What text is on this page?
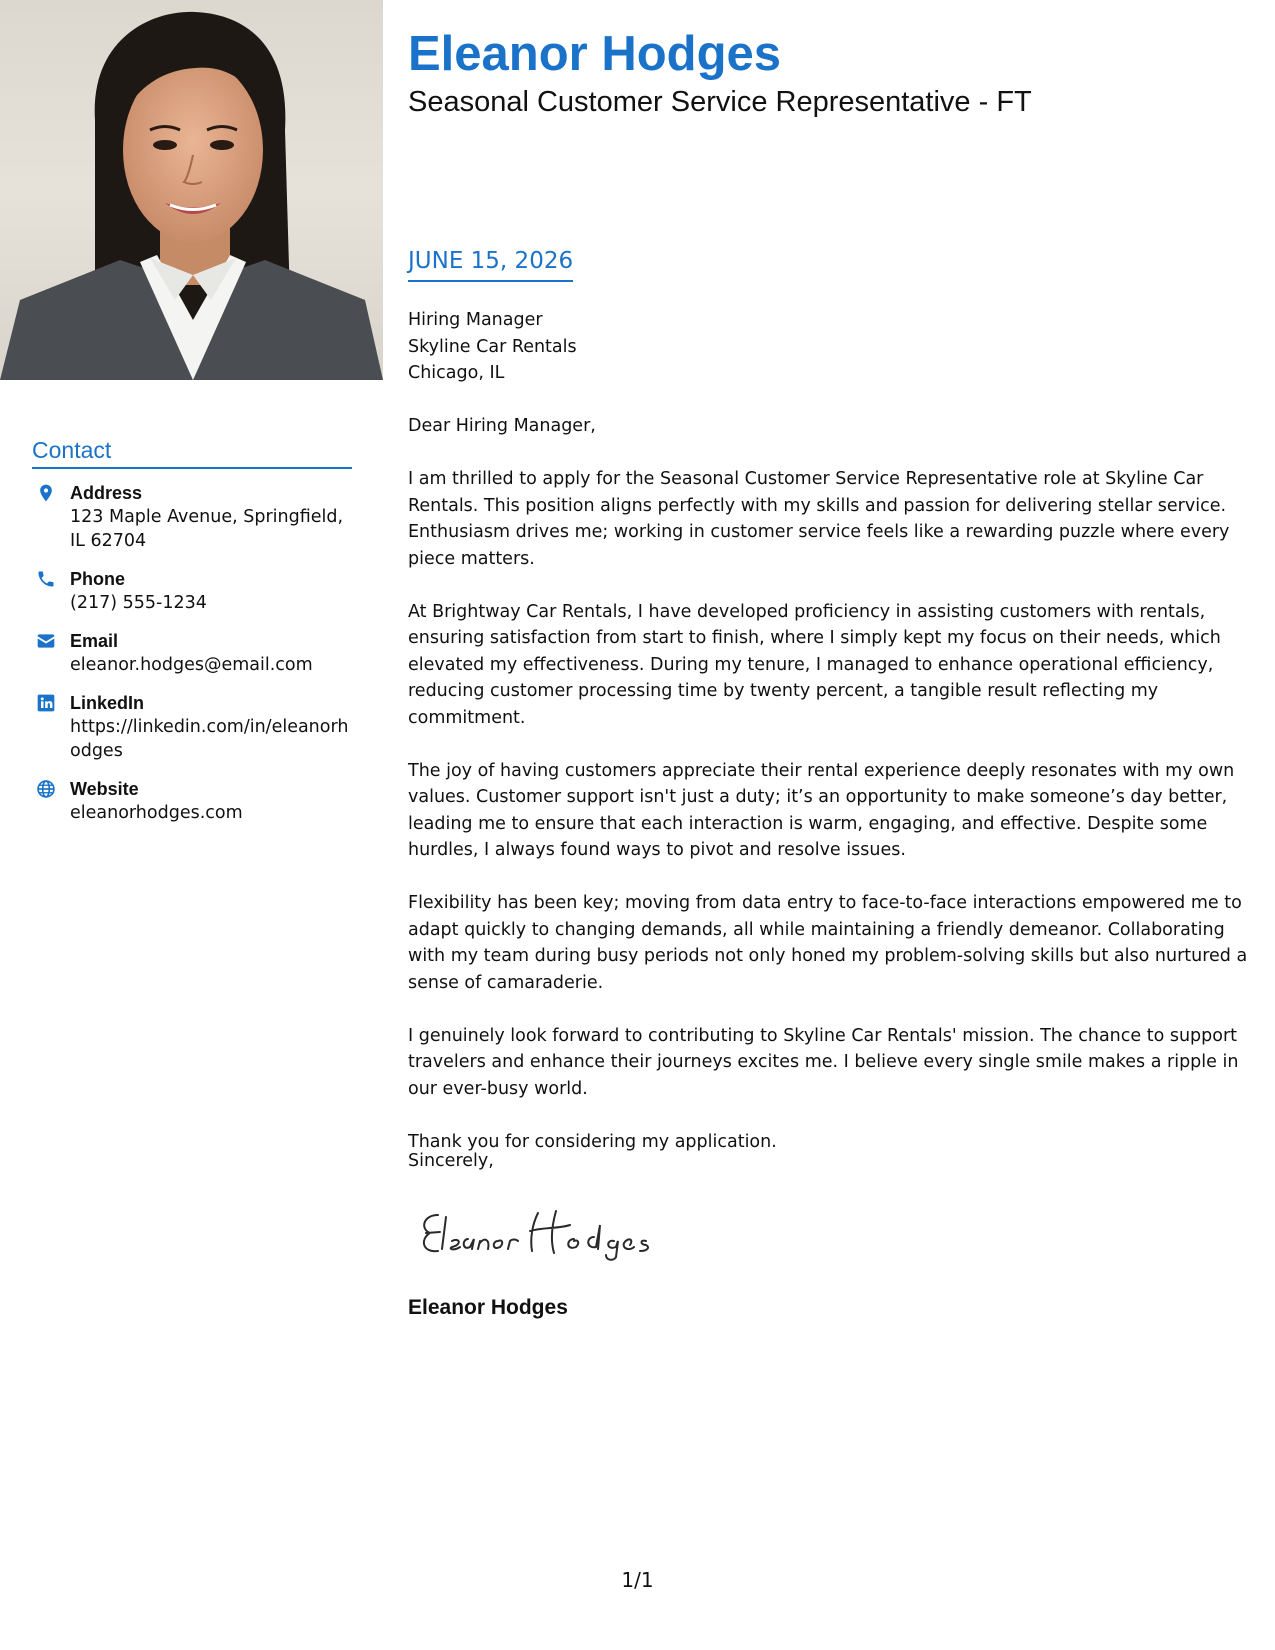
Contact
Address
123 Maple Avenue, Springfield, IL 62704
Phone
(217) 555-1234
Email
eleanor.hodges@email.com
LinkedIn
https://linkedin.com/in/eleanorhodges
Website
eleanorhodges.com
Eleanor Hodges
Seasonal Customer Service Representative - FT
JUNE 15, 2026

Hiring Manager
Skyline Car Rentals
Chicago, IL

Dear Hiring Manager,

I am thrilled to apply for the Seasonal Customer Service Representative role at Skyline Car Rentals. This position aligns perfectly with my skills and passion for delivering stellar service. Enthusiasm drives me; working in customer service feels like a rewarding puzzle where every piece matters.

At Brightway Car Rentals, I have developed proficiency in assisting customers with rentals, ensuring satisfaction from start to finish, where I simply kept my focus on their needs, which elevated my effectiveness. During my tenure, I managed to enhance operational efficiency, reducing customer processing time by twenty percent, a tangible result reflecting my commitment.

The joy of having customers appreciate their rental experience deeply resonates with my own values. Customer support isn't just a duty; it’s an opportunity to make someone’s day better, leading me to ensure that each interaction is warm, engaging, and effective. Despite some hurdles, I always found ways to pivot and resolve issues.

Flexibility has been key; moving from data entry to face-to-face interactions empowered me to adapt quickly to changing demands, all while maintaining a friendly demeanor. Collaborating with my team during busy periods not only honed my problem-solving skills but also nurtured a sense of camaraderie.

I genuinely look forward to contributing to Skyline Car Rentals' mission. The chance to support travelers and enhance their journeys excites me. I believe every single smile makes a ripple in our ever-busy world.

Thank you for considering my application.

Sincerely,
Eleanor Hodges
1/1
